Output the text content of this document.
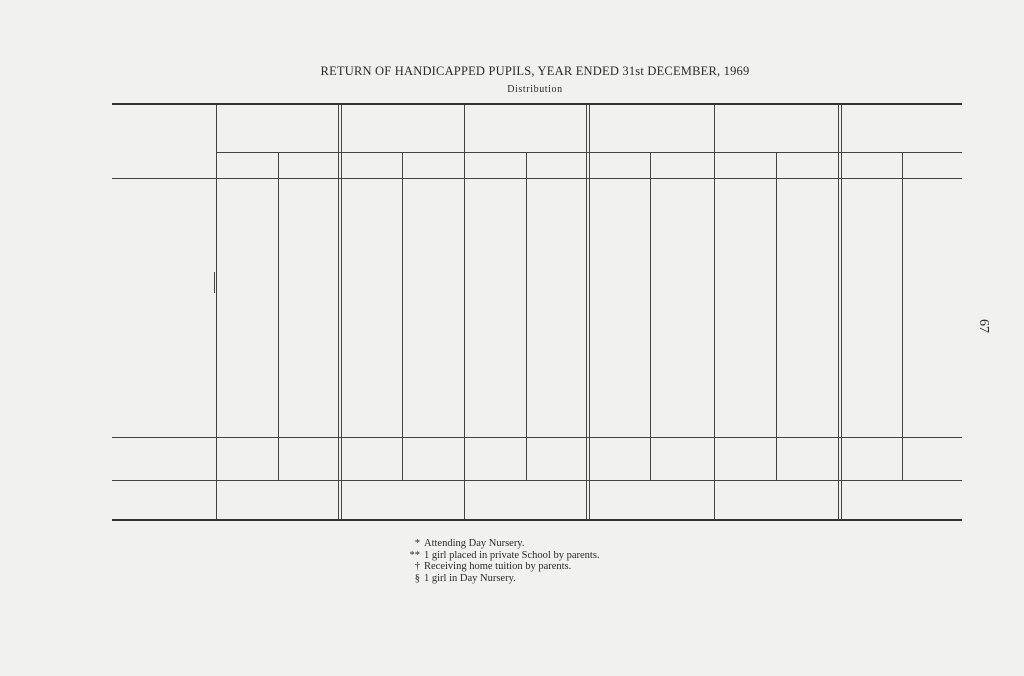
67
RETURN OF HANDICAPPED PUPILS, YEAR ENDED 31st DECEMBER, 1969
Distribution
* Attending Day Nursery.
** 1 girl placed in private School by parents.
† Receiving home tuition by parents.
§ 1 girl in Day Nursery.
